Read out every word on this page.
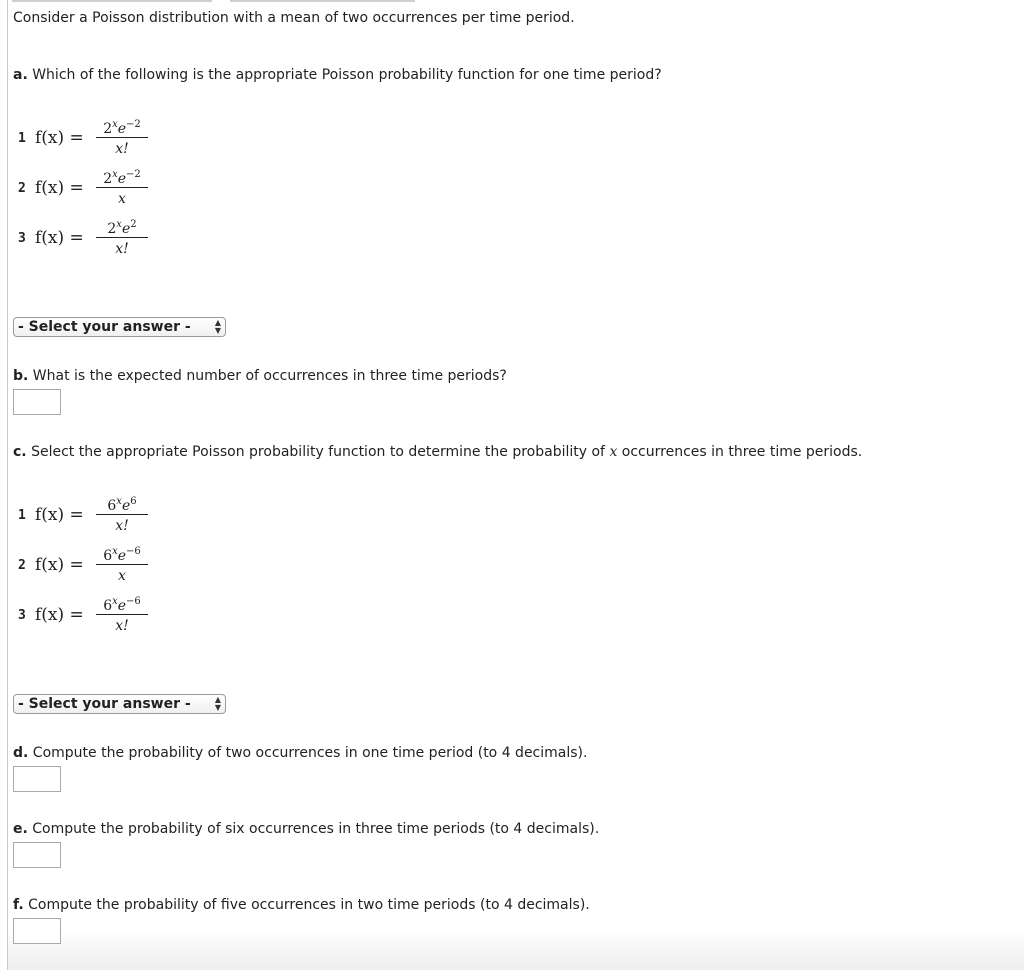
Consider a Poisson distribution with a mean of two occurrences per time period.
a. Which of the following is the appropriate Poisson probability function for one time period?
1 f(x) =	$2^xe^{-2}$
x!
2 f(x) =	$2^xe^{-2}$
x
3 f(x) =	$2^xe^2$
x!
- Select your answer -	▲
▼
b. What is the expected number of occurrences in three time periods?
c. Select the appropriate Poisson probability function to determine the probability of x occurrences in three time periods.
1 f(x) =	$6^xe^6$
x!
2 f(x) =	$6^xe^{-6}$
x
3 f(x) =	$6^xe^{-6}$
x!
- Select your answer -	▲
▼
d. Compute the probability of two occurrences in one time period (to 4 decimals).
e. Compute the probability of six occurrences in three time periods (to 4 decimals).
f. Compute the probability of five occurrences in two time periods (to 4 decimals).
